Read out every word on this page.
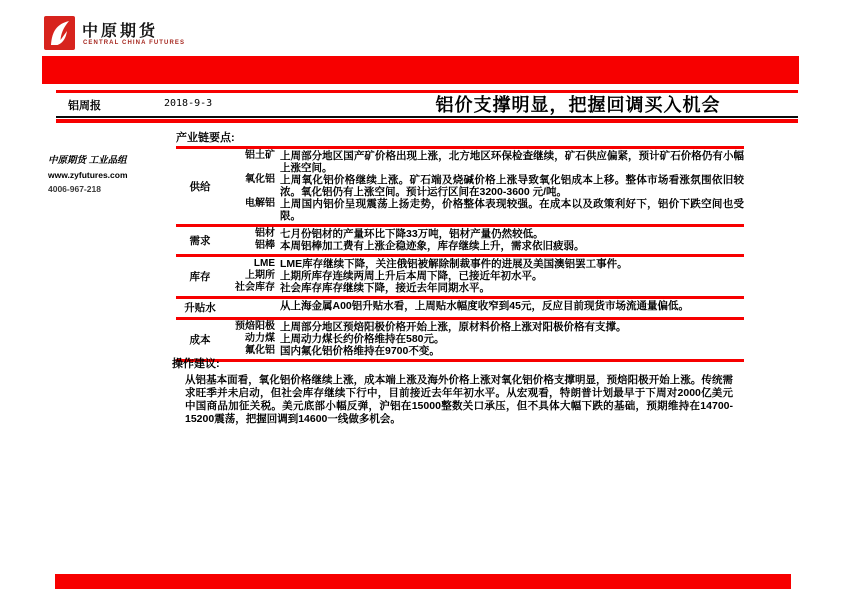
中原期货
CENTRAL CHINA FUTURES
铝周报	2018-9-3	铝价支撑明显，把握回调买入机会
中原期货 工业品组
www.zyfutures.com
4006-967-218
产业链要点:
供给
铝土矿 上周部分地区国产矿价格出现上涨，北方地区环保检查继续，矿石供应偏紧，预计矿石价格仍有小幅上涨空间。
氧化铝 上周氧化铝价格继续上涨。矿石端及烧碱价格上涨导致氧化铝成本上移。整体市场看涨氛围依旧较浓。氧化铝仍有上涨空间。预计运行区间在3200-3600 元/吨。
电解铝 上周国内铝价呈现震荡上扬走势，价格整体表现较强。在成本以及政策利好下，铝价下跌空间也受限。
需求
铝材 七月份铝材的产量环比下降33万吨，铝材产量仍然较低。
铝棒 本周铝棒加工费有上涨企稳迹象，库存继续上升，需求依旧疲弱。
库存
LME LME库存继续下降，关注俄铝被解除制裁事件的进展及美国澳铝罢工事件。
上期所 上期所库存连续两周上升后本周下降，已接近年初水平。
社会库存 社会库存库存继续下降，接近去年同期水平。
升贴水	从上海金属A00铝升贴水看，上周贴水幅度收窄到45元，反应目前现货市场流通量偏低。
成本
预焙阳极 上周部分地区预焙阳极价格开始上涨，原材料价格上涨对阳极价格有支撑。
动力煤 上周动力煤长约价格维持在580元。
氟化铝 国内氟化铝价格维持在9700不变。
操作建议:
从铝基本面看，氧化铝价格继续上涨，成本端上涨及海外价格上涨对氧化铝价格支撑明显，预焙阳极开始上涨。传统需求旺季并未启动，但社会库存继续下行中，目前接近去年年初水平。从宏观看，特朗普计划最早于下周对2000亿美元中国商品加征关税。美元底部小幅反弹，沪铝在15000整数关口承压，但不具体大幅下跌的基础，预期维持在14700-15200震荡，把握回调到14600一线做多机会。
